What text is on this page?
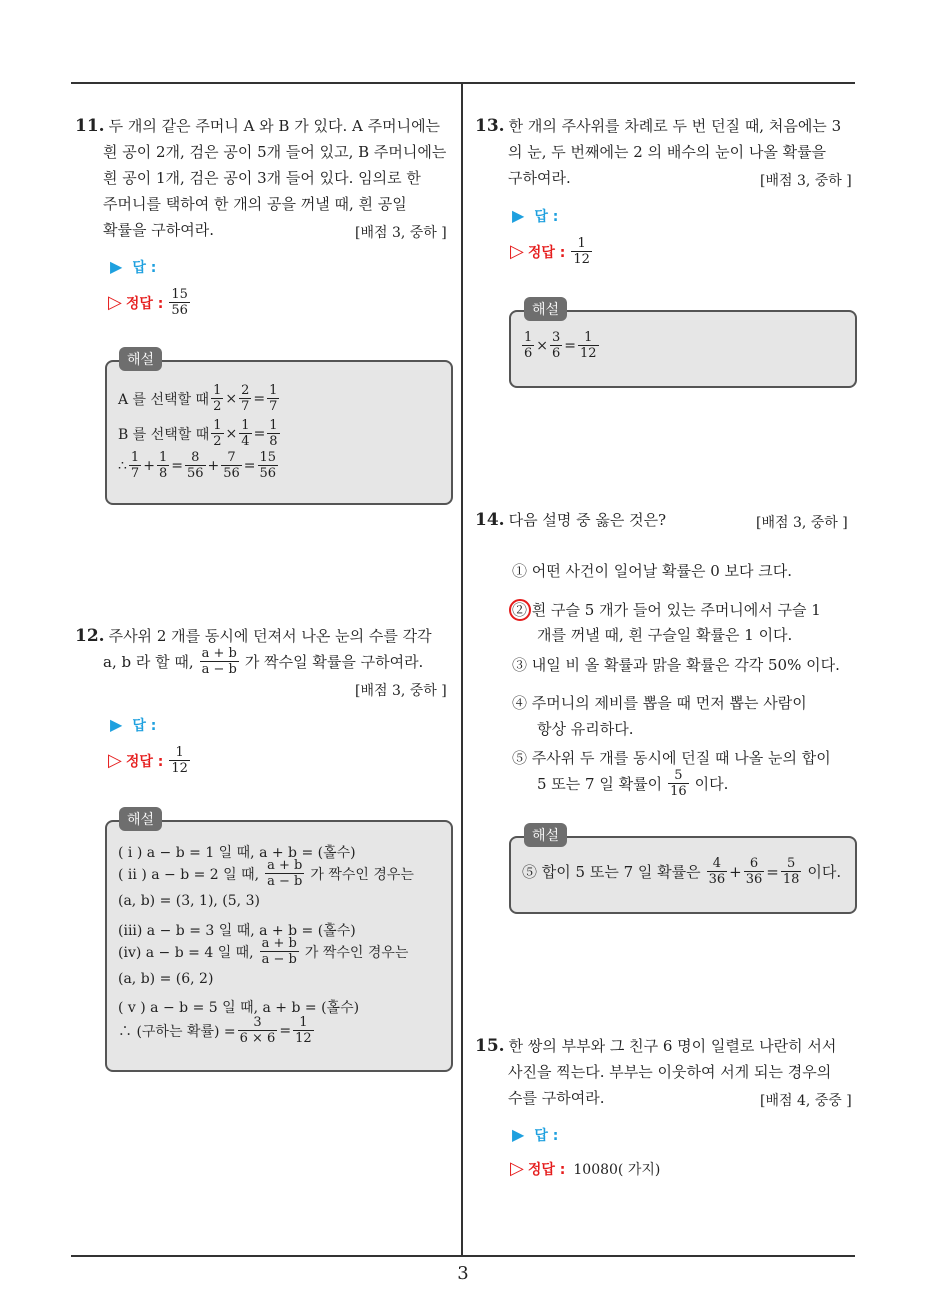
11. 두 개의 같은 주머니 A 와 B 가 있다. A 주머니에는
흰 공이 2개, 검은 공이 5개 들어 있고, B 주머니에는
흰 공이 1개, 검은 공이 3개 들어 있다. 임의로 한
주머니를 택하여 한 개의 공을 꺼낼 때, 흰 공일
확률을 구하여라.	[배점 3, 중하 ]
▶ 답 :
▷ 정답 : $\frac{15}{56}$
해설
A 를 선택할 때 $\frac{1}{2} \times \frac{2}{7} = \frac{1}{7}$
B 를 선택할 때 $\frac{1}{2} \times \frac{1}{4} = \frac{1}{8}$
∴ $\frac{1}{7} + \frac{1}{8} = \frac{8}{56} + \frac{7}{56} = \frac{15}{56}$
12. 주사위 2 개를 동시에 던져서 나온 눈의 수를 각각
a, b 라 할 때, $\frac{a + b}{a - b}$ 가 짝수일 확률을 구하여라.
[배점 3, 중하 ]
▶ 답 :
▷ 정답 : $\frac{1}{12}$
해설
( i ) a − b = 1 일 때, a + b = (홀수)
( ii ) a − b = 2 일 때, $\frac{a + b}{a - b}$ 가 짝수인 경우는
(a, b) = (3, 1), (5, 3)
(iii) a − b = 3 일 때, a + b = (홀수)
(iv) a − b = 4 일 때, $\frac{a + b}{a - b}$ 가 짝수인 경우는
(a, b) = (6, 2)
( v ) a − b = 5 일 때, a + b = (홀수)
∴ (구하는 확률) = $\frac{3}{6 \times 6} = \frac{1}{12}$
13. 한 개의 주사위를 차례로 두 번 던질 때, 처음에는 3
의 눈, 두 번째에는 2 의 배수의 눈이 나올 확률을
구하여라.	[배점 3, 중하 ]
▶ 답 :
▷ 정답 : $\frac{1}{12}$
해설
$\frac{1}{6} \times \frac{3}{6} = \frac{1}{12}$
14. 다음 설명 중 옳은 것은?	[배점 3, 중하 ]
① 어떤 사건이 일어날 확률은 0 보다 크다.
② 흰 구슬 5 개가 들어 있는 주머니에서 구슬 1
개를 꺼낼 때, 흰 구슬일 확률은 1 이다.
③ 내일 비 올 확률과 맑을 확률은 각각 50% 이다.
④ 주머니의 제비를 뽑을 때 먼저 뽑는 사람이
항상 유리하다.
⑤ 주사위 두 개를 동시에 던질 때 나올 눈의 합이
5 또는 7 일 확률이 $\frac{5}{16}$ 이다.
해설
⑤ 합이 5 또는 7 일 확률은 $\frac{4}{36} + \frac{6}{36} = \frac{5}{18}$ 이다.
15. 한 쌍의 부부와 그 친구 6 명이 일렬로 나란히 서서
사진을 찍는다. 부부는 이웃하여 서게 되는 경우의
수를 구하여라.	[배점 4, 중중 ]
▶ 답 :
▷ 정답 : 10080( 가지)
3
